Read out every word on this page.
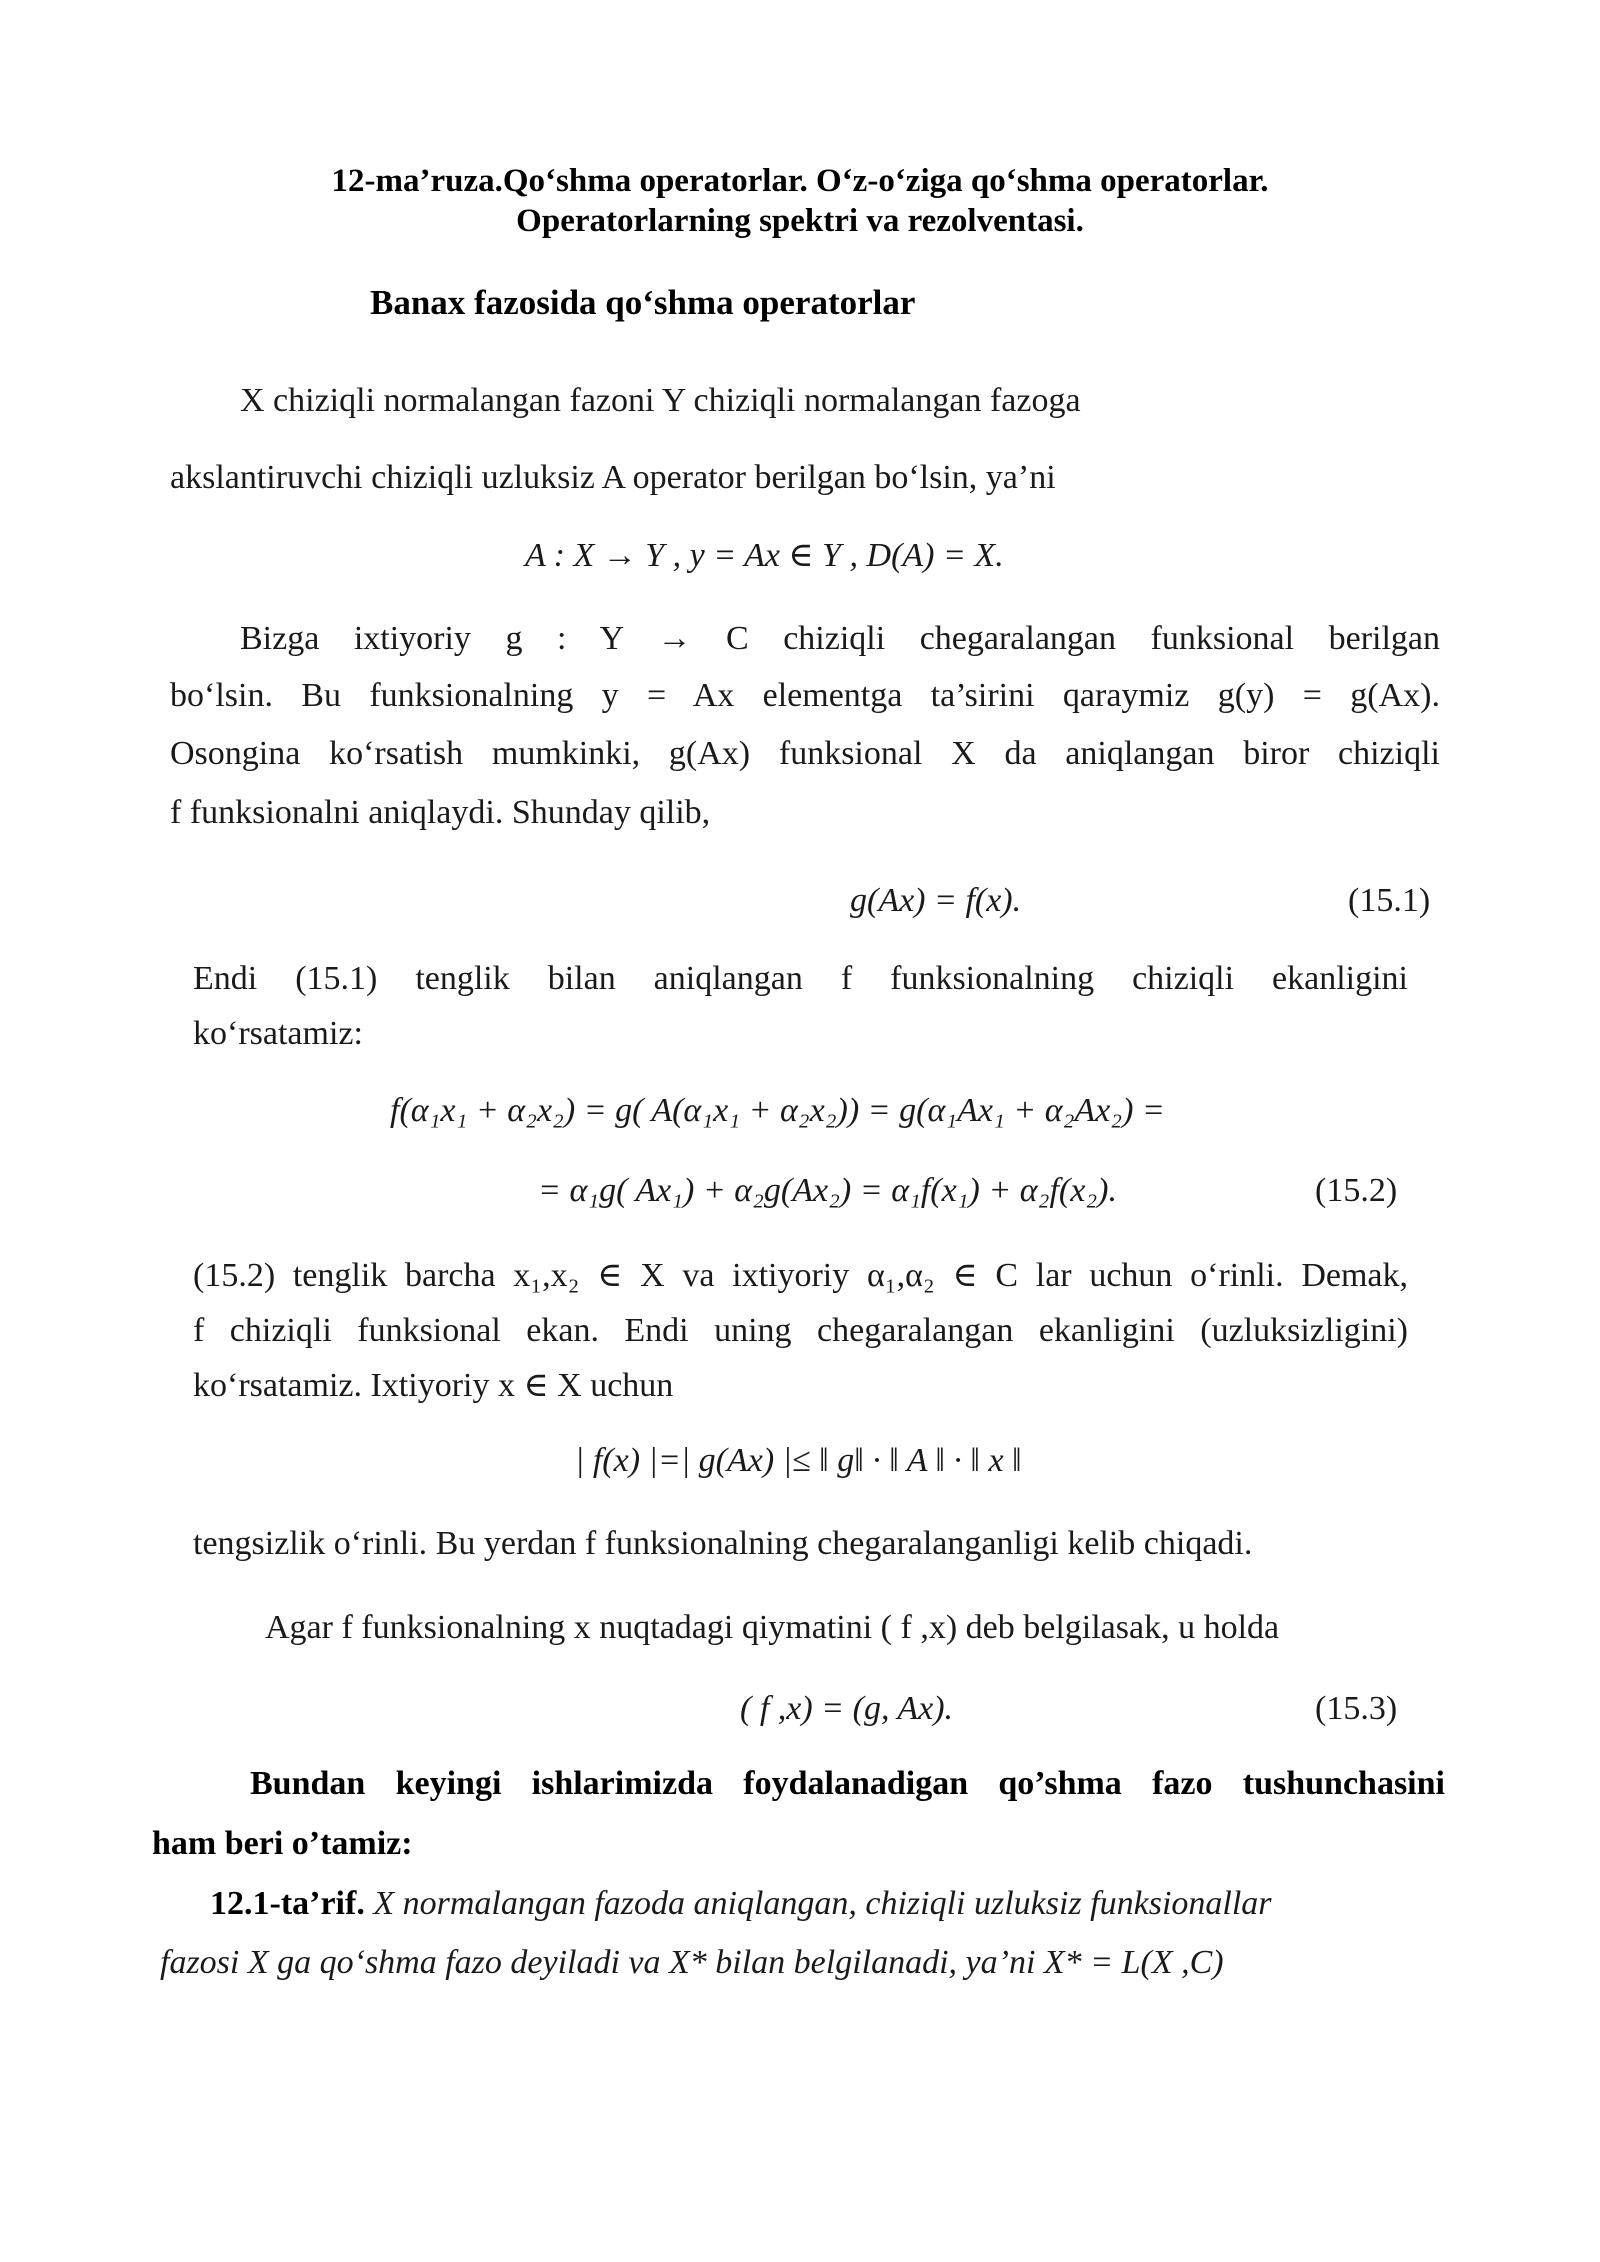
12-ma’ruza.Qo‘shma operatorlar. O‘z-o‘ziga qo‘shma operatorlar.
Operatorlarning spektri va rezolventasi.
Banax fazosida qo‘shma operatorlar
X chiziqli normalangan fazoni Y chiziqli normalangan fazoga
akslantiruvchi chiziqli uzluksiz A operator berilgan bo‘lsin, ya’ni
A : X → Y , y = Ax ∈ Y , D(A) = X.
Bizga ixtiyoriy g : Y → C chiziqli chegaralangan funksional berilgan
bo‘lsin. Bu funksionalning y = Ax elementga ta’sirini qaraymiz g(y) = g(Ax).
Osongina ko‘rsatish mumkinki, g(Ax) funksional X da aniqlangan biror chiziqli
f funksionalni aniqlaydi. Shunday qilib,
g(Ax) = f(x).	(15.1)
Endi (15.1) tenglik bilan aniqlangan f funksionalning chiziqli ekanligini
ko‘rsatamiz:
f(α₁x₁ + α₂x₂) = g( A(α₁x₁ + α₂x₂)) = g(α₁Ax₁ + α₂Ax₂) =
= α₁g( Ax₁) + α₂g(Ax₂) = α₁f(x₁) + α₂f(x₂).	(15.2)
(15.2) tenglik barcha x₁,x₂ ∈ X va ixtiyoriy α₁,α₂ ∈ C lar uchun o‘rinli. Demak,
f chiziqli funksional ekan. Endi uning chegaralangan ekanligini (uzluksizligini)
ko‘rsatamiz. Ixtiyoriy x ∈ X uchun
| f(x) |=| g(Ax) |≤ ‖ g‖ · ‖ A ‖ · ‖ x ‖
tengsizlik o‘rinli. Bu yerdan f funksionalning chegaralanganligi kelib chiqadi.
Agar f funksionalning x nuqtadagi qiymatini ( f ,x) deb belgilasak, u holda
( f ,x) = (g, Ax).	(15.3)
Bundan keyingi ishlarimizda foydalanadigan qo’shma fazo tushunchasini
ham beri o’tamiz:
12.1-ta’rif. X normalangan fazoda aniqlangan, chiziqli uzluksiz funksionallar
fazosi X ga qo‘shma fazo deyiladi va X* bilan belgilanadi, ya’ni X* = L(X ,C)
